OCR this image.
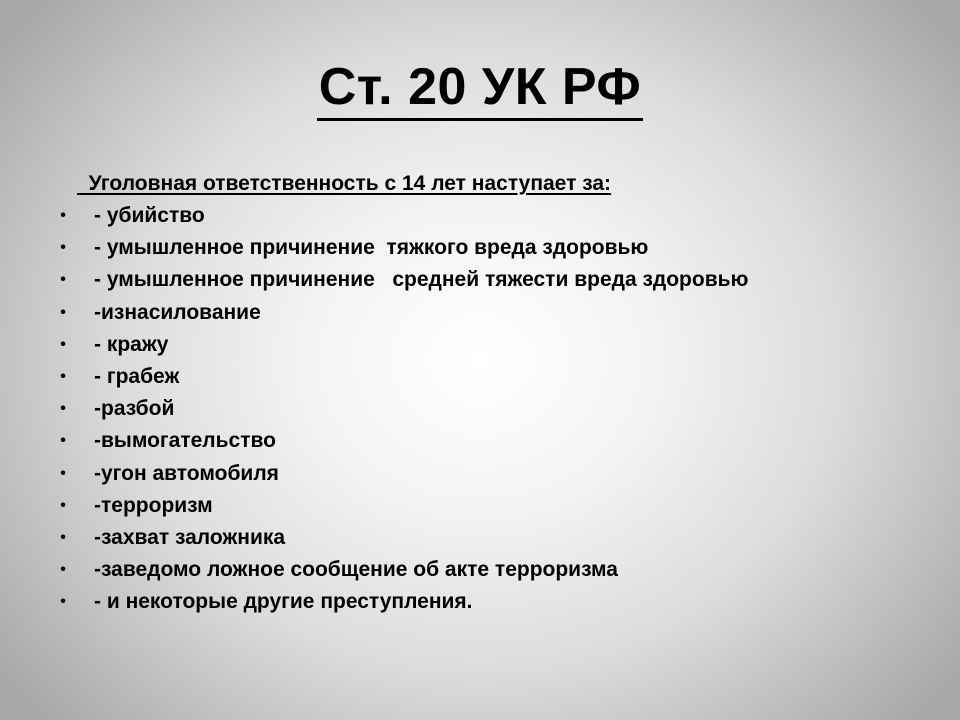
Ст. 20 УК РФ

Уголовная ответственность с 14 лет наступает за:

• - убийство
• - умышленное причинение  тяжкого вреда здоровью
• - умышленное причинение   средней тяжести вреда здоровью
• -изнасилование
• - кражу
• - грабеж
• -разбой
• -вымогательство
• -угон автомобиля
• -терроризм
• -захват заложника
• -заведомо ложное сообщение об акте терроризма
• - и некоторые другие преступления.
